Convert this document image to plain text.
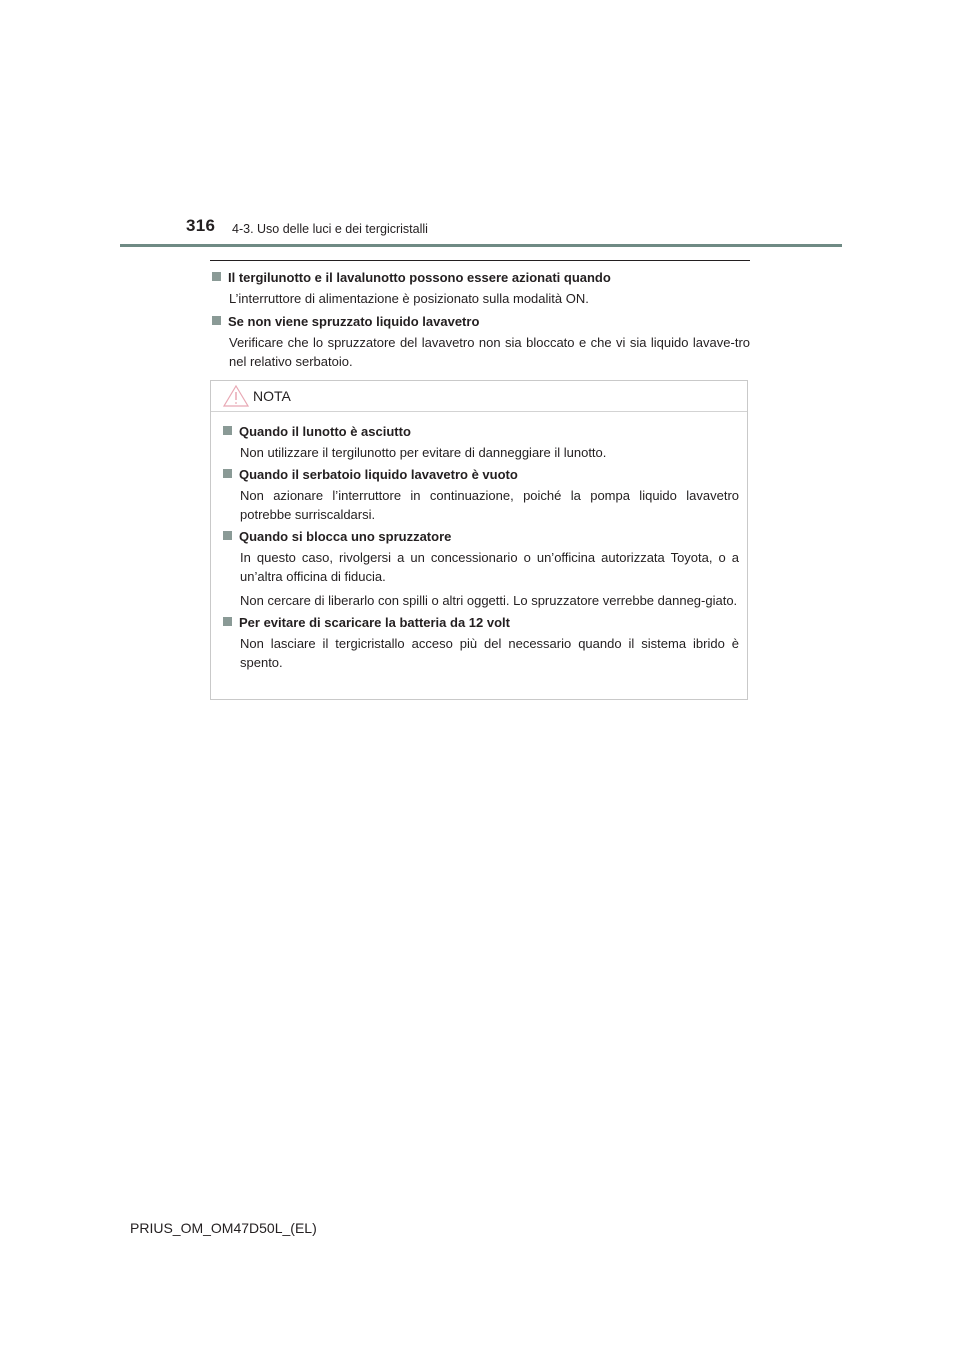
316 4-3. Uso delle luci e dei tergicristalli
Il tergilunotto e il lavalunotto possono essere azionati quando
L’interruttore di alimentazione è posizionato sulla modalità ON.
Se non viene spruzzato liquido lavavetro
Verificare che lo spruzzatore del lavavetro non sia bloccato e che vi sia liquido lavave-tro nel relativo serbatoio.
NOTA
Quando il lunotto è asciutto
Non utilizzare il tergilunotto per evitare di danneggiare il lunotto.
Quando il serbatoio liquido lavavetro è vuoto
Non azionare l’interruttore in continuazione, poiché la pompa liquido lavavetro potrebbe surriscaldarsi.
Quando si blocca uno spruzzatore
In questo caso, rivolgersi a un concessionario o un’officina autorizzata Toyota, o a un’altra officina di fiducia.
Non cercare di liberarlo con spilli o altri oggetti. Lo spruzzatore verrebbe danneg-giato.
Per evitare di scaricare la batteria da 12 volt
Non lasciare il tergicristallo acceso più del necessario quando il sistema ibrido è spento.
PRIUS_OM_OM47D50L_(EL)
